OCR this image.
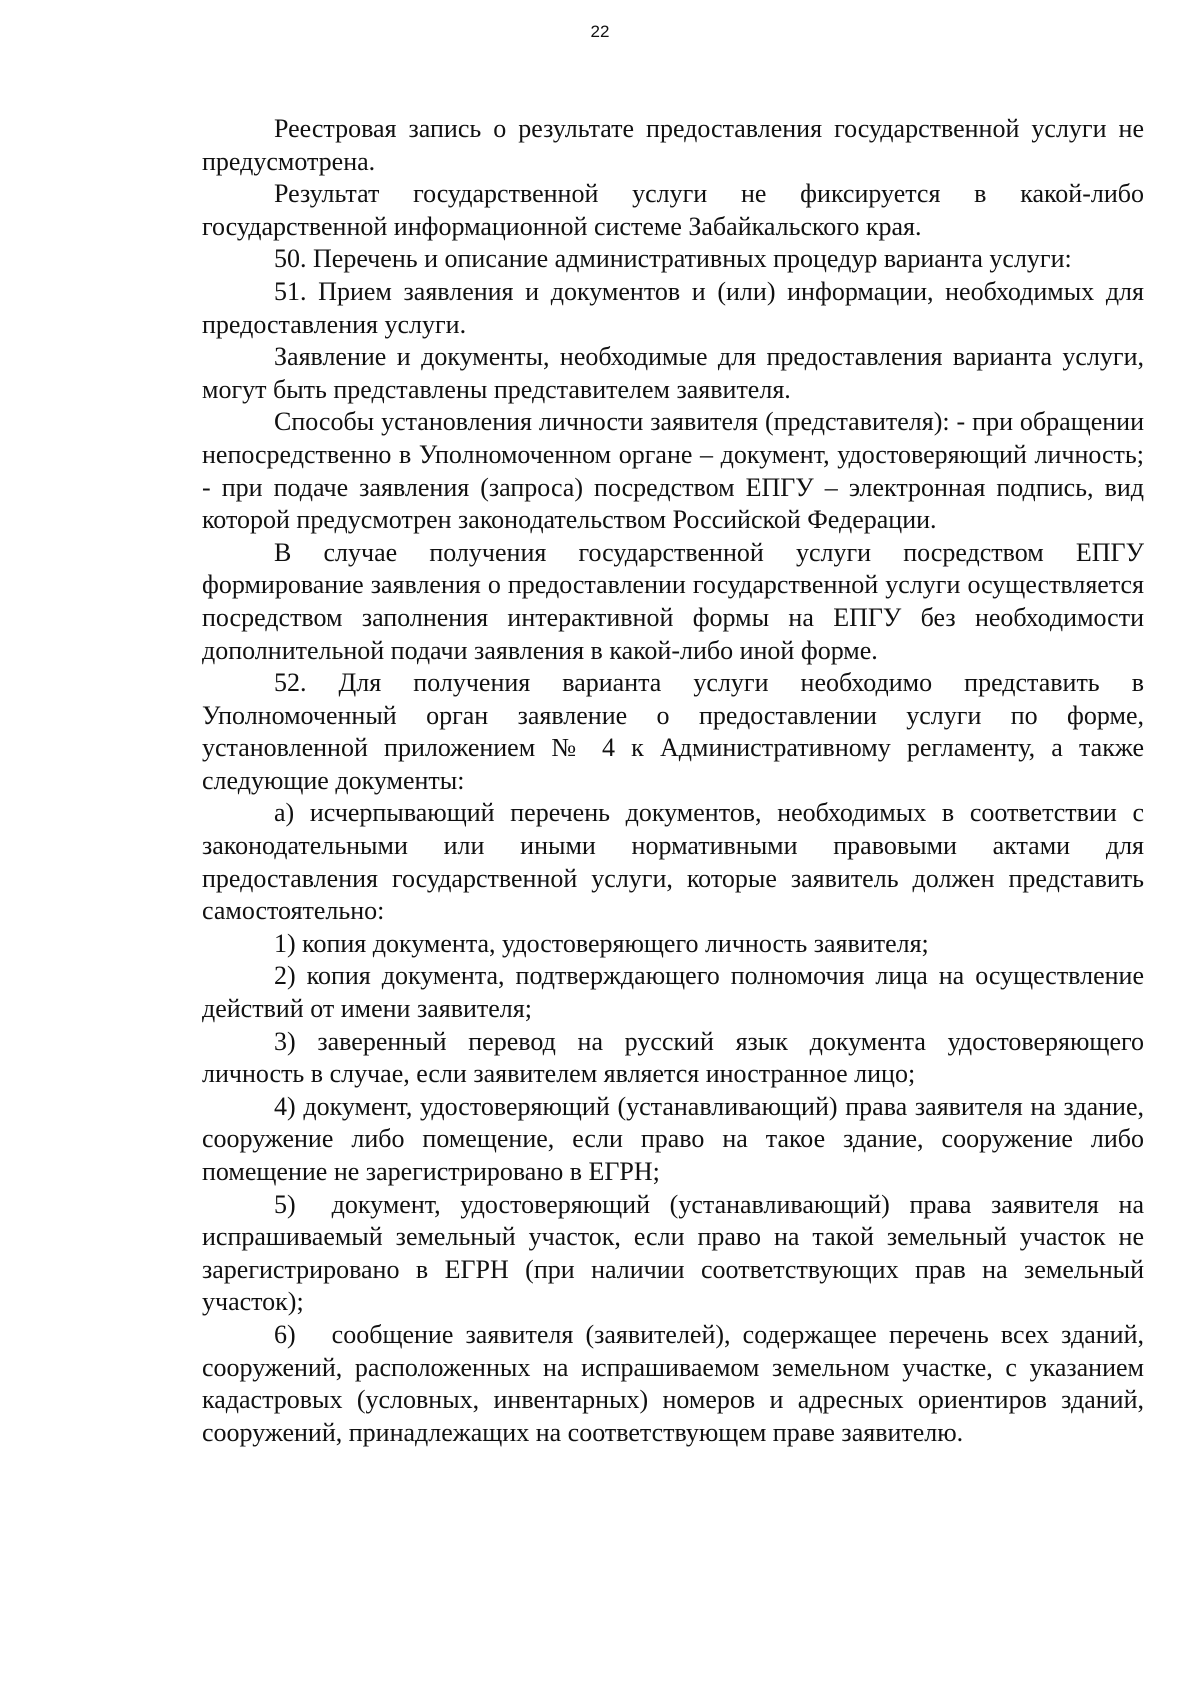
22

Реестровая запись о результате предоставления государственной услуги не предусмотрена.

Результат государственной услуги не фиксируется в какой-либо государственной информационной системе Забайкальского края.

50. Перечень и описание административных процедур варианта услуги:

51. Прием заявления и документов и (или) информации, необходимых для предоставления услуги.

Заявление и документы, необходимые для предоставления варианта услуги, могут быть представлены представителем заявителя.

Способы установления личности заявителя (представителя): - при обращении непосредственно в Уполномоченном органе – документ, удостоверяющий личность; - при подаче заявления (запроса) посредством ЕПГУ – электронная подпись, вид которой предусмотрен законодательством Российской Федерации.

В случае получения государственной услуги посредством ЕПГУ формирование заявления о предоставлении государственной услуги осуществляется посредством заполнения интерактивной формы на ЕПГУ без необходимости дополнительной подачи заявления в какой-либо иной форме.

52. Для получения варианта услуги необходимо представить в Уполномоченный орган заявление о предоставлении услуги по форме, установленной приложением № 4 к Административному регламенту, а также следующие документы:

а) исчерпывающий перечень документов, необходимых в соответствии с законодательными или иными нормативными правовыми актами для предоставления государственной услуги, которые заявитель должен представить самостоятельно:

1) копия документа, удостоверяющего личность заявителя;

2) копия документа, подтверждающего полномочия лица на осуществление действий от имени заявителя;

3) заверенный перевод на русский язык документа удостоверяющего личность в случае, если заявителем является иностранное лицо;

4) документ, удостоверяющий (устанавливающий) права заявителя на здание, сооружение либо помещение, если право на такое здание, сооружение либо помещение не зарегистрировано в ЕГРН;

5) документ, удостоверяющий (устанавливающий) права заявителя на испрашиваемый земельный участок, если право на такой земельный участок не зарегистрировано в ЕГРН (при наличии соответствующих прав на земельный участок);

6) сообщение заявителя (заявителей), содержащее перечень всех зданий, сооружений, расположенных на испрашиваемом земельном участке, с указанием кадастровых (условных, инвентарных) номеров и адресных ориентиров зданий, сооружений, принадлежащих на соответствующем праве заявителю.
